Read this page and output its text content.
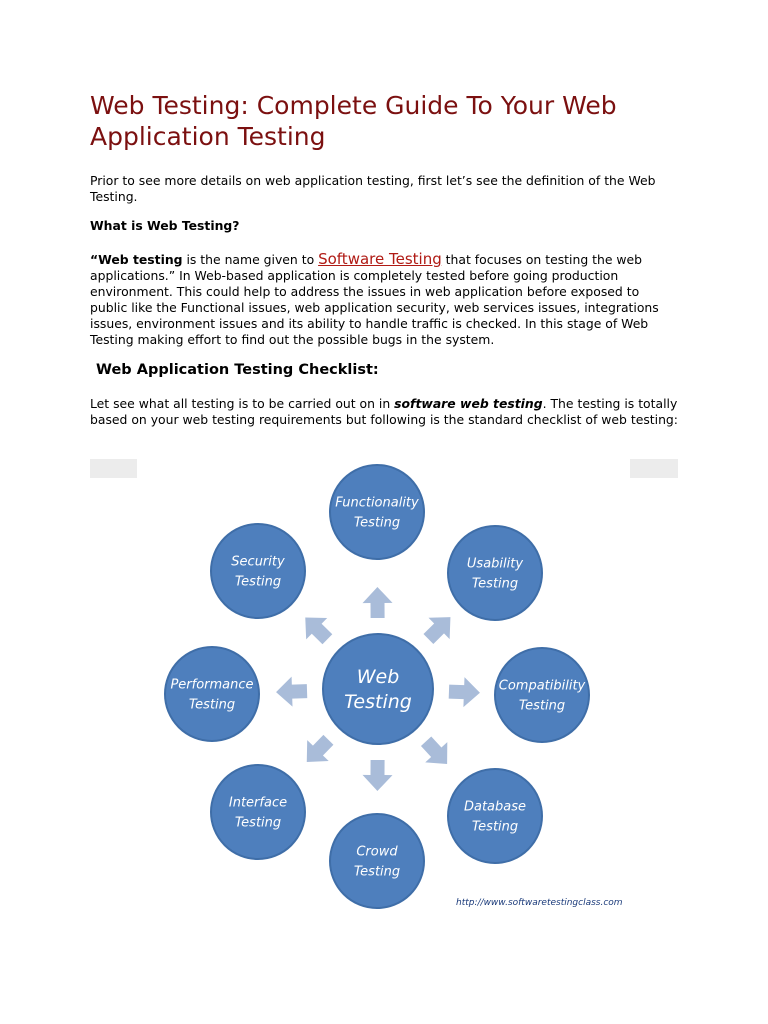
Web Testing: Complete Guide To Your Web Application Testing

Prior to see more details on web application testing, first let’s see the definition of the Web Testing.

What is Web Testing?

“Web testing is the name given to Software Testing that focuses on testing the web applications.” In Web-based application is completely tested before going production environment. This could help to address the issues in web application before exposed to public like the Functional issues, web application security, web services issues, integrations issues, environment issues and its ability to handle traffic is checked. In this stage of Web Testing making effort to find out the possible bugs in the system.

Web Application Testing Checklist:

Let see what all testing is to be carried out on in software web testing. The testing is totally based on your web testing requirements but following is the standard checklist of web testing:

Functionality
Testing
Usability
Testing
Compatibility
Testing
Database
Testing
Crowd
Testing
Interface
Testing
Performance
Testing
Security
Testing
Web
Testing
http://www.softwaretestingclass.com
